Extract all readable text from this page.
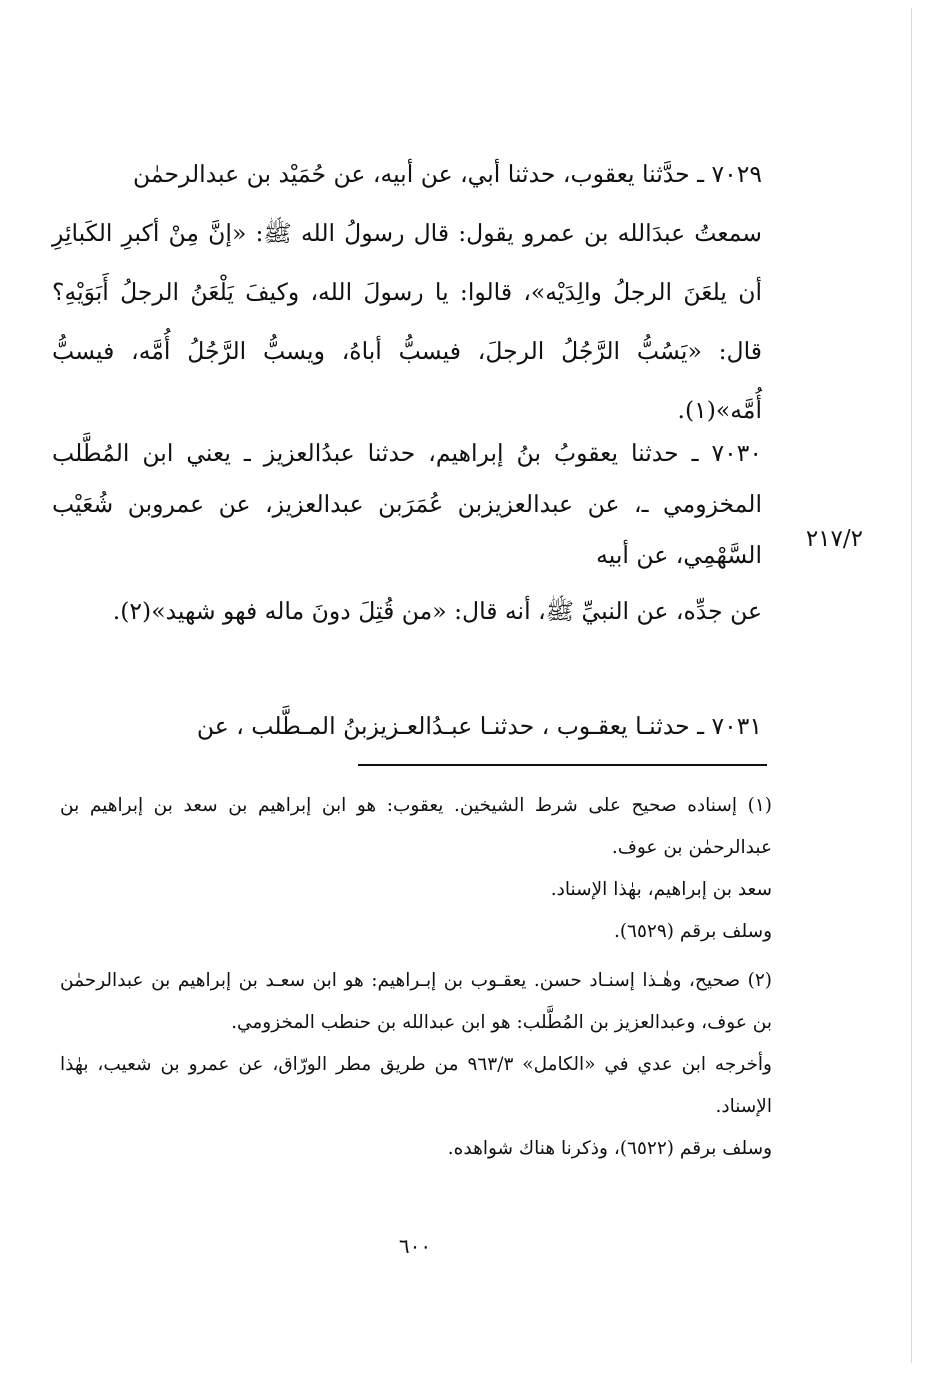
٧٠٢٩ ـ حدَّثنا يعقوب، حدثنا أبي، عن أبيه، عن حُمَيْد بن عبدالرحمٰن

سمعتُ عبدَالله بن عمرو يقول: قال رسولُ الله ﷺ: «إنَّ مِنْ أكبرِ الكَبائِرِ أن يلعَنَ الرجلُ والِدَيْه»، قالوا: يا رسولَ الله، وكيفَ يَلْعَنُ الرجلُ أَبَوَيْهِ؟ قال: «يَسُبُّ الرَّجُلُ الرجلَ، فيسبُّ أباهُ، ويسبُّ الرَّجُلُ أُمَّه، فيسبُّ أُمَّه»(١).

٧٠٣٠ ـ حدثنا يعقوبُ بنُ إبراهيم، حدثنا عبدُالعزيز ـ يعني ابن المُطَّلب المخزومي ـ، عن عبدالعزيزبن عُمَرَبن عبدالعزيز، عن عمروبن شُعَيْب السَّهْمِي، عن أبيه

عن جدِّه، عن النبيِّ ﷺ، أنه قال: «من قُتِلَ دونَ ماله فهو شهيد»(٢).

٢١٧/٢

٧٠٣١ ـ حدثنـا يعقـوب ، حدثنـا عبـدُالعـزيزبنُ المـطَّلب ، عن

(١) إسناده صحيح على شرط الشيخين. يعقوب: هو ابن إبراهيم بن سعد بن إبراهيم بن عبدالرحمٰن بن عوف.

سعد بن إبراهيم، بهٰذا الإسناد.

وسلف برقم (٦٥٢٩).

(٢) صحيح، وهٰـذا إسنـاد حسن. يعقـوب بن إبـراهيم: هو ابن سعـد بن إبراهيم بن عبدالرحمٰن بن عوف، وعبدالعزيز بن المُطَّلب: هو ابن عبدالله بن حنطب المخزومي.

وأخرجه ابن عدي في «الكامل» ٩٦٣/٣ من طريق مطر الورّاق، عن عمرو بن شعيب، بهٰذا الإسناد.

وسلف برقم (٦٥٢٢)، وذكرنا هناك شواهده.

٦٠٠
